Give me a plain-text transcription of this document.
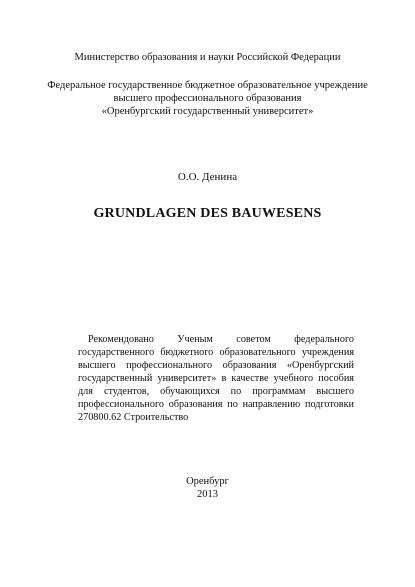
Министерство образования и науки Российской Федерации
Федеральное государственное бюджетное образовательное учреждение
высшего профессионального образования
«Оренбургский государственный университет»
О.О. Денина
GRUNDLAGEN DES BAUWESENS
Рекомендовано Ученым советом федерального государственного бюджетного образовательного учреждения высшего профессионального образования «Оренбургский государственный университет» в качестве учебного пособия для студентов, обучающихся по программам высшего профессионального образования по направлению подготовки 270800.62 Строительство
Оренбург
2013
